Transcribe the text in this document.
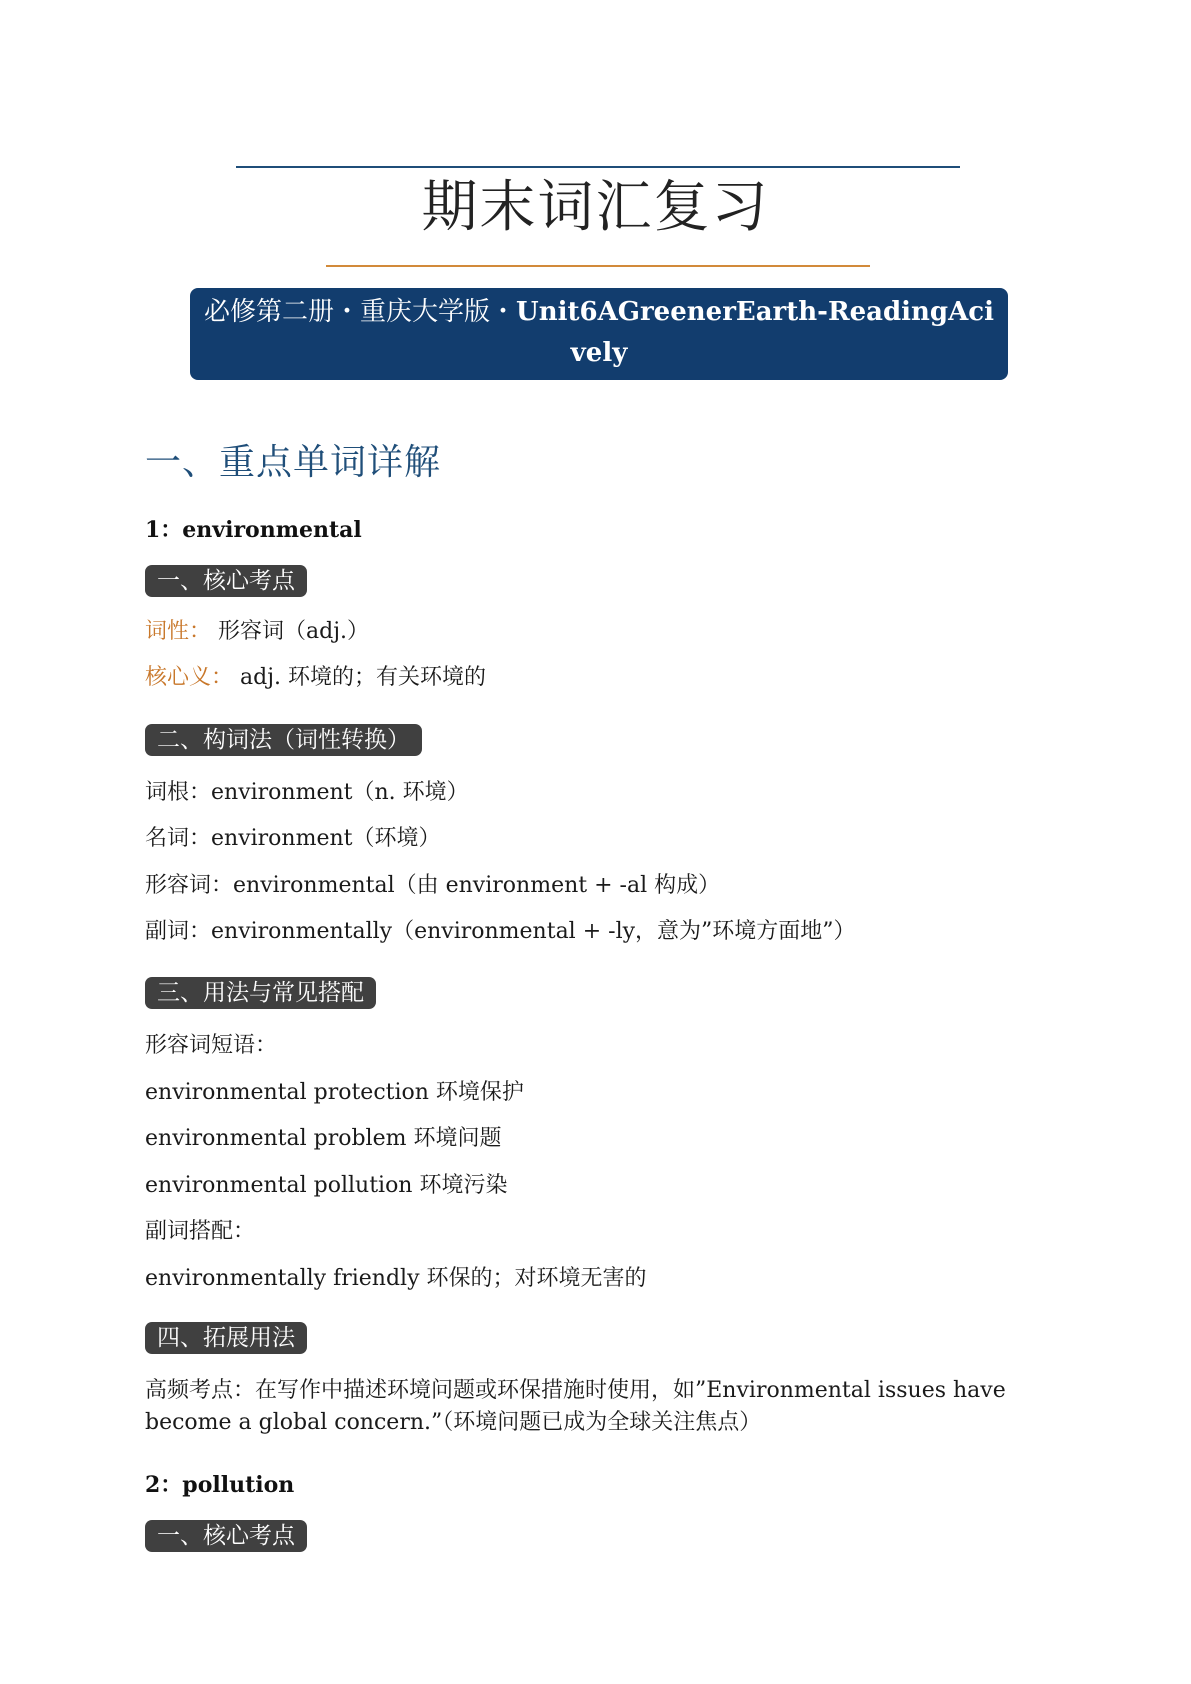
期末词汇复习
必修第二册・重庆大学版・Unit6AGreenerEarth-ReadingAcively
一、重点单词详解
1：environmental
一、核心考点
词性： 形容词（adj.）
核心义： adj. 环境的；有关环境的
二、构词法（词性转换）
词根：environment（n. 环境）
名词：environment（环境）
形容词：environmental（由 environment + -al 构成）
副词：environmentally（environmental + -ly，意为”环境方面地”）
三、用法与常见搭配
形容词短语：
environmental protection 环境保护
environmental problem 环境问题
environmental pollution 环境污染
副词搭配：
environmentally friendly 环保的；对环境无害的
四、拓展用法
高频考点：在写作中描述环境问题或环保措施时使用，如”Environmental issues have become a global concern.”（环境问题已成为全球关注焦点）
2：pollution
一、核心考点
